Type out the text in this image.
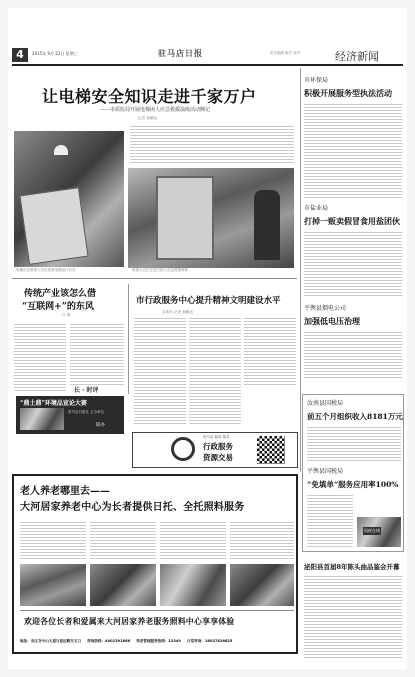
4	2015年 9月 23日 星期三	驻马店日报	责任编辑 版式 校对	经济新闻
让电梯安全知识走进千家万户
——市质监局开展电梯困人应急救援演练活动侧记
记者 姜鹏远
电梯应急救援人员在检查电梯运行状况	救援人员正在进行困人应急救援演练
传统产业该怎么借
“互联网+”的东风
白 驹
长 · 时评
“鼎土鼎”环境品宣论大赛
驻马店日报社 主办单位
联办
市行政服务中心提升精神文明建设水平
本报讯 记者 姜鹏远
驻马店 政府 服务
行政服务
资源交易
市环保局
积极开展服务型执法活动
市盐业局
打掉一贩卖假冒食用盐团伙
平舆县烟电公司
加强低电压治理
汝南县国税局
前五个月组织收入8181万元
平舆县国税局
“免填单”服务应用率100%
国税在线
泌阳县首届8年陈头曲品鉴会开幕
老人养老哪里去——
大河居家养老中心为长者提供日托、全托照料服务
欢迎各位长者和爱属来大河居家养老服务照料中心享享体验
地址：市区交中山大道与迎远路交叉口 咨询热线：4001591666 养老管理服务热线：12349 日常咨询：18037826625
